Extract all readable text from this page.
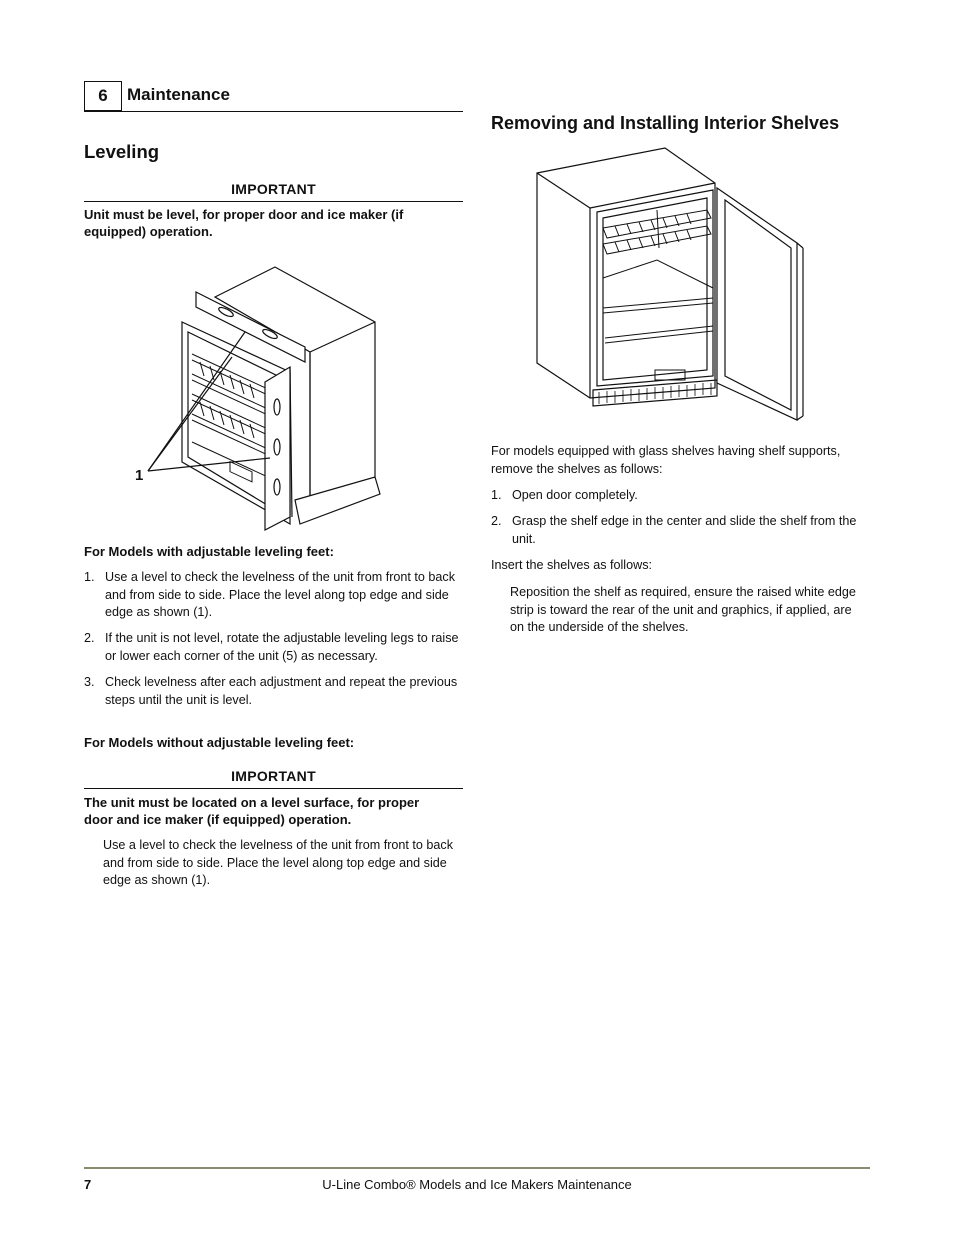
6	Maintenance
Leveling
IMPORTANT
Unit must be level, for proper door and ice maker (if equipped) operation.
1
For Models with adjustable leveling feet:
1. Use a level to check the levelness of the unit from front to back
and from side to side. Place the level along top edge and side
edge as shown (1).
2. If the unit is not level, rotate the adjustable leveling legs to raise
or lower each corner of the unit (5) as necessary.
3. Check levelness after each adjustment and repeat the previous
steps until the unit is level.
For Models without adjustable leveling feet:
IMPORTANT
The unit must be located on a level surface, for proper
door and ice maker (if equipped) operation.
Use a level to check the levelness of the unit from front to back
and from side to side. Place the level along top edge and side
edge as shown (1).
Removing and Installing Interior Shelves
For models equipped with glass shelves having shelf supports,
remove the shelves as follows:
1. Open door completely.
2. Grasp the shelf edge in the center and slide the shelf from the
unit.
Insert the shelves as follows:
Reposition the shelf as required, ensure the raised white edge
strip is toward the rear of the unit and graphics, if applied, are
on the underside of the shelves.
7	U-Line Combo® Models and Ice Makers Maintenance
